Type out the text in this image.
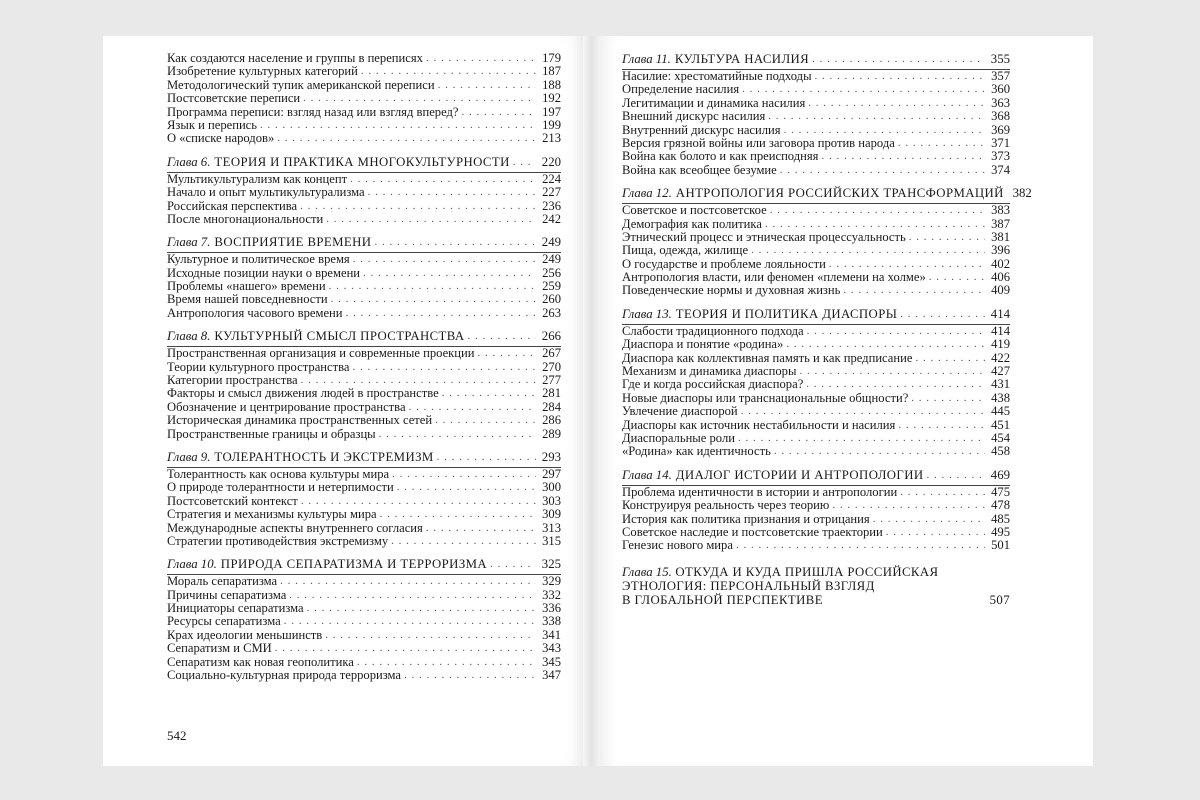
Как создаются население и группы в переписях . . .	179
Изобретение культурных категорий . . .	187
Методологический тупик американской переписи . . .	188
Постсоветские переписи . . .	192
Программа переписи: взгляд назад или взгляд вперед? . . .	197
Язык и перепись . . .	199
О «списке народов» . . .	213
Глава 6. ТЕОРИЯ И ПРАКТИКА МНОГОКУЛЬТУРНОСТИ . . .	220
Мультикультурализм как концепт . . .	224
Начало и опыт мультикультурализма . . .	227
Российская перспектива . . .	236
После многонациональности . . .	242
Глава 7. ВОСПРИЯТИЕ ВРЕМЕНИ . . .	249
Культурное и политическое время . . .	249
Исходные позиции науки о времени . . .	256
Проблемы «нашего» времени . . .	259
Время нашей повседневности . . .	260
Антропология часового времени . . .	263
Глава 8. КУЛЬТУРНЫЙ СМЫСЛ ПРОСТРАНСТВА . . .	266
Пространственная организация и современные проекции . . .	267
Теории культурного пространства . . .	270
Категории пространства . . .	277
Факторы и смысл движения людей в пространстве . . .	281
Обозначение и центрирование пространства . . .	284
Историческая динамика пространственных сетей . . .	286
Пространственные границы и образцы . . .	289
Глава 9. ТОЛЕРАНТНОСТЬ И ЭКСТРЕМИЗМ . . .	293
Толерантность как основа культуры мира . . .	297
О природе толерантности и нетерпимости . . .	300
Постсоветский контекст . . .	303
Стратегия и механизмы культуры мира . . .	309
Международные аспекты внутреннего согласия . . .	313
Стратегии противодействия экстремизму . . .	315
Глава 10. ПРИРОДА СЕПАРАТИЗМА И ТЕРРОРИЗМА . . .	325
Мораль сепаратизма . . .	329
Причины сепаратизма . . .	332
Инициаторы сепаратизма . . .	336
Ресурсы сепаратизма . . .	338
Крах идеологии меньшинств . . .	341
Сепаратизм и СМИ . . .	343
Сепаратизм как новая геополитика . . .	345
Социально-культурная природа терроризма . . .	347
542
Глава 11. КУЛЬТУРА НАСИЛИЯ . . .	355
Насилие: хрестоматийные подходы . . .	357
Определение насилия . . .	360
Легитимации и динамика насилия . . .	363
Внешний дискурс насилия . . .	368
Внутренний дискурс насилия . . .	369
Версия грязной войны или заговора против народа . . .	371
Война как болото и как преисподняя . . .	373
Война как всеобщее безумие . . .	374
Глава 12. АНТРОПОЛОГИЯ РОССИЙСКИХ ТРАНСФОРМАЦИЙ 382
Советское и постсоветское . . .	383
Демография как политика . . .	387
Этнический процесс и этническая процессуальность . . .	381
Пища, одежда, жилище . . .	396
О государстве и проблеме лояльности . . .	402
Антропология власти, или феномен «племени на холме» . . .	406
Поведенческие нормы и духовная жизнь . . .	409
Глава 13. ТЕОРИЯ И ПОЛИТИКА ДИАСПОРЫ . . .	414
Слабости традиционного подхода . . .	414
Диаспора и понятие «родина» . . .	419
Диаспора как коллективная память и как предписание . . .	422
Механизм и динамика диаспоры . . .	427
Где и когда российская диаспора? . . .	431
Новые диаспоры или транснациональные общности? . . .	438
Увлечение диаспорой . . .	445
Диаспоры как источник нестабильности и насилия . . .	451
Диаспоральные роли . . .	454
«Родина» как идентичность . . .	458
Глава 14. ДИАЛОГ ИСТОРИИ И АНТРОПОЛОГИИ . . .	469
Проблема идентичности в истории и антропологии . . .	475
Конструируя реальность через теорию . . .	478
История как политика признания и отрицания . . .	485
Советское наследие и постсоветские траектории . . .	495
Генезис нового мира . . .	501
Глава 15. ОТКУДА И КУДА ПРИШЛА РОССИЙСКАЯ
ЭТНОЛОГИЯ: ПЕРСОНАЛЬНЫЙ ВЗГЛЯД
В ГЛОБАЛЬНОЙ ПЕРСПЕКТИВЕ	507
